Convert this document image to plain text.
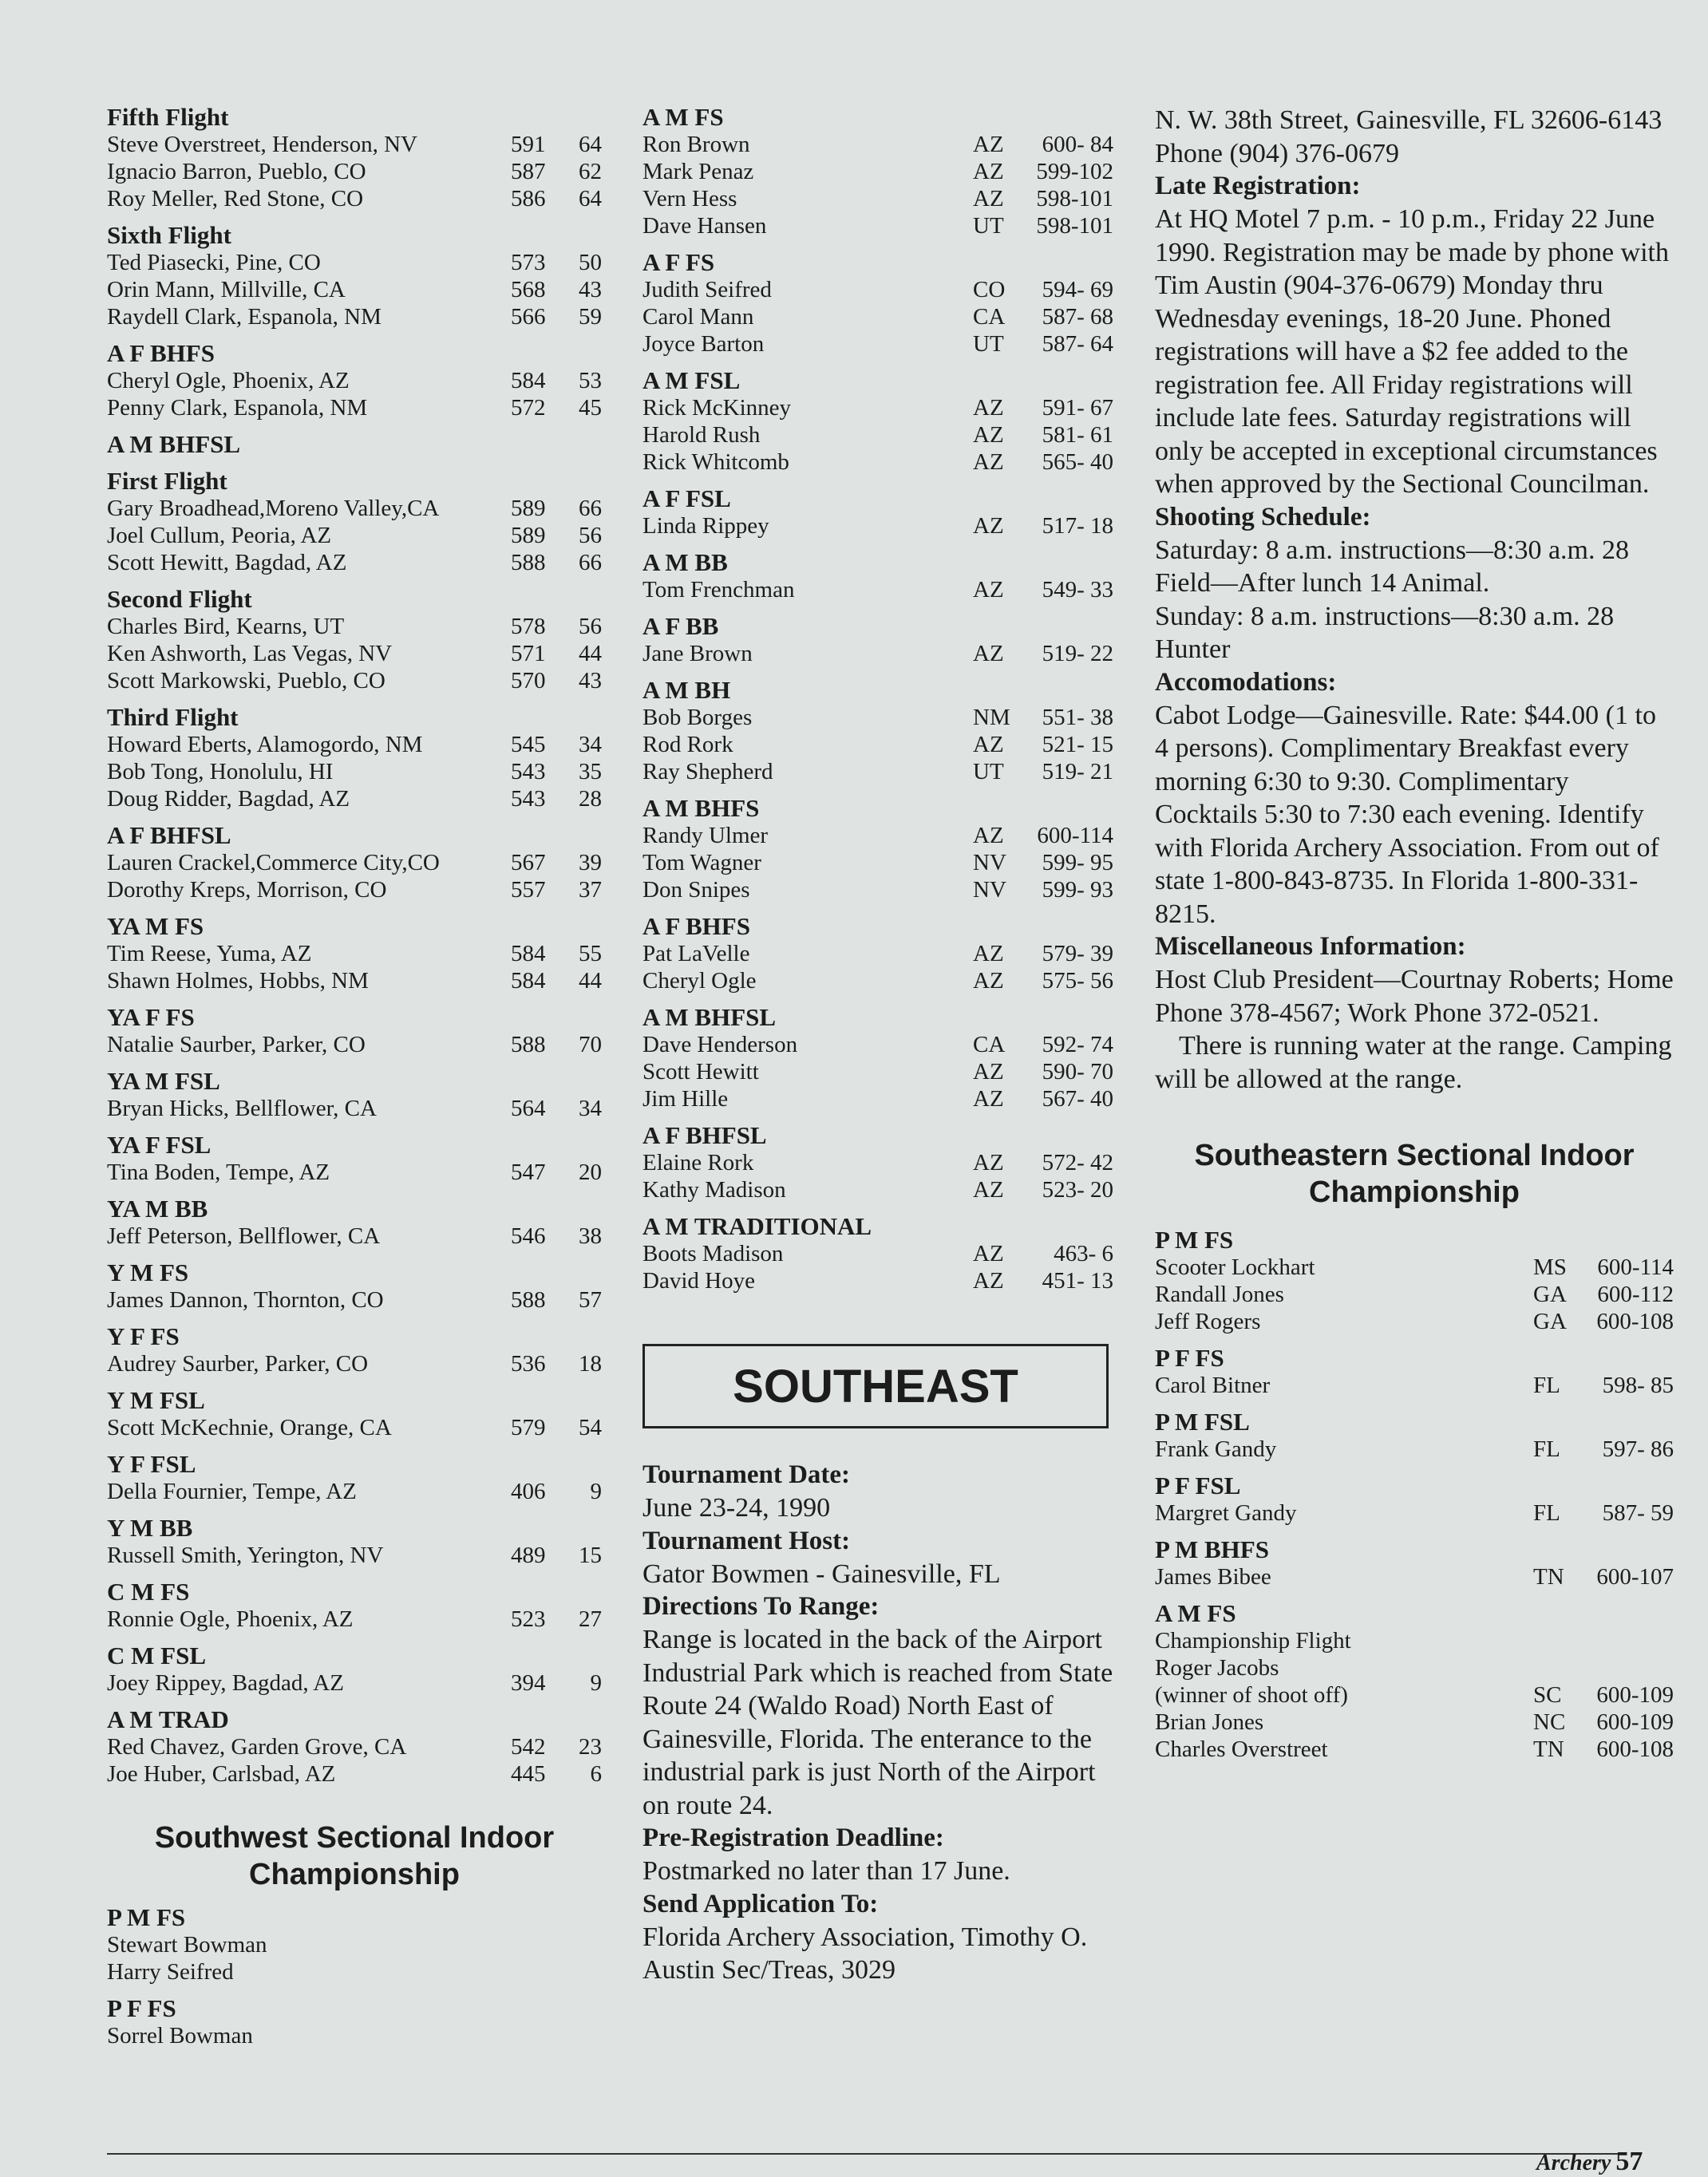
Fifth Flight
Steve Overstreet, Henderson, NV	591	64
Ignacio Barron, Pueblo, CO	587	62
Roy Meller, Red Stone, CO	586	64
Sixth Flight
Ted Piasecki, Pine, CO	573	50
Orin Mann, Millville, CA	568	43
Raydell Clark, Espanola, NM	566	59
A F BHFS
Cheryl Ogle, Phoenix, AZ	584	53
Penny Clark, Espanola, NM	572	45
A M BHFSL
First Flight
Gary Broadhead,Moreno Valley,CA	589	66
Joel Cullum, Peoria, AZ	589	56
Scott Hewitt, Bagdad, AZ	588	66
Second Flight
Charles Bird, Kearns, UT	578	56
Ken Ashworth, Las Vegas, NV	571	44
Scott Markowski, Pueblo, CO	570	43
Third Flight
Howard Eberts, Alamogordo, NM	545	34
Bob Tong, Honolulu, HI	543	35
Doug Ridder, Bagdad, AZ	543	28
A F BHFSL
Lauren Crackel,Commerce City,CO	567	39
Dorothy Kreps, Morrison, CO	557	37
YA M FS
Tim Reese, Yuma, AZ	584	55
Shawn Holmes, Hobbs, NM	584	44
YA F FS
Natalie Saurber, Parker, CO	588	70
YA M FSL
Bryan Hicks, Bellflower, CA	564	34
YA F FSL
Tina Boden, Tempe, AZ	547	20
YA M BB
Jeff Peterson, Bellflower, CA	546	38
Y M FS
James Dannon, Thornton, CO	588	57
Y F FS
Audrey Saurber, Parker, CO	536	18
Y M FSL
Scott McKechnie, Orange, CA	579	54
Y F FSL
Della Fournier, Tempe, AZ	406	9
Y M BB
Russell Smith, Yerington, NV	489	15
C M FS
Ronnie Ogle, Phoenix, AZ	523	27
C M FSL
Joey Rippey, Bagdad, AZ	394	9
A M TRAD
Red Chavez, Garden Grove, CA	542	23
Joe Huber, Carlsbad, AZ	445	6
Southwest Sectional Indoor Championship
P M FS
Stewart Bowman
Harry Seifred
P F FS
Sorrel Bowman
A M FS
Ron Brown	AZ	600- 84
Mark Penaz	AZ	599-102
Vern Hess	AZ	598-101
Dave Hansen	UT	598-101
A F FS
Judith Seifred	CO	594- 69
Carol Mann	CA	587- 68
Joyce Barton	UT	587- 64
A M FSL
Rick McKinney	AZ	591- 67
Harold Rush	AZ	581- 61
Rick Whitcomb	AZ	565- 40
A F FSL
Linda Rippey	AZ	517- 18
A M BB
Tom Frenchman	AZ	549- 33
A F BB
Jane Brown	AZ	519- 22
A M BH
Bob Borges	NM	551- 38
Rod Rork	AZ	521- 15
Ray Shepherd	UT	519- 21
A M BHFS
Randy Ulmer	AZ	600-114
Tom Wagner	NV	599- 95
Don Snipes	NV	599- 93
A F BHFS
Pat LaVelle	AZ	579- 39
Cheryl Ogle	AZ	575- 56
A M BHFSL
Dave Henderson	CA	592- 74
Scott Hewitt	AZ	590- 70
Jim Hille	AZ	567- 40
A F BHFSL
Elaine Rork	AZ	572- 42
Kathy Madison	AZ	523- 20
A M TRADITIONAL
Boots Madison	AZ	463- 6
David Hoye	AZ	451- 13
SOUTHEAST
Tournament Date:
June 23-24, 1990
Tournament Host:
Gator Bowmen - Gainesville, FL
Directions To Range:
Range is located in the back of the Airport Industrial Park which is reached from State Route 24 (Waldo Road) North East of Gainesville, Florida. The enterance to the industrial park is just North of the Airport on route 24.
Pre-Registration Deadline:
Postmarked no later than 17 June.
Send Application To:
Florida Archery Association, Timothy O. Austin Sec/Treas, 3029
N. W. 38th Street, Gainesville, FL 32606-6143 Phone (904) 376-0679
Late Registration:
At HQ Motel 7 p.m. - 10 p.m., Friday 22 June 1990. Registration may be made by phone with Tim Austin (904-376-0679) Monday thru Wednesday evenings, 18-20 June. Phoned registrations will have a $2 fee added to the registration fee. All Friday registrations will include late fees. Saturday registrations will only be accepted in exceptional circumstances when approved by the Sectional Councilman.
Shooting Schedule:
Saturday: 8 a.m. instructions—8:30 a.m. 28 Field—After lunch 14 Animal.
Sunday: 8 a.m. instructions—8:30 a.m. 28 Hunter
Accomodations:
Cabot Lodge—Gainesville. Rate: $44.00 (1 to 4 persons). Complimentary Breakfast every morning 6:30 to 9:30. Complimentary Cocktails 5:30 to 7:30 each evening. Identify with Florida Archery Association. From out of state 1-800-843-8735. In Florida 1-800-331-8215.
Miscellaneous Information:
Host Club President—Courtnay Roberts; Home Phone 378-4567; Work Phone 372-0521.
There is running water at the range. Camping will be allowed at the range.
Southeastern Sectional Indoor Championship
P M FS
Scooter Lockhart	MS	600-114
Randall Jones	GA	600-112
Jeff Rogers	GA	600-108
P F FS
Carol Bitner	FL	598- 85
P M FSL
Frank Gandy	FL	597- 86
P F FSL
Margret Gandy	FL	587- 59
P M BHFS
James Bibee	TN	600-107
A M FS
Championship Flight
Roger Jacobs
(winner of shoot off)	SC	600-109
Brian Jones	NC	600-109
Charles Overstreet	TN	600-108
Archery 57
